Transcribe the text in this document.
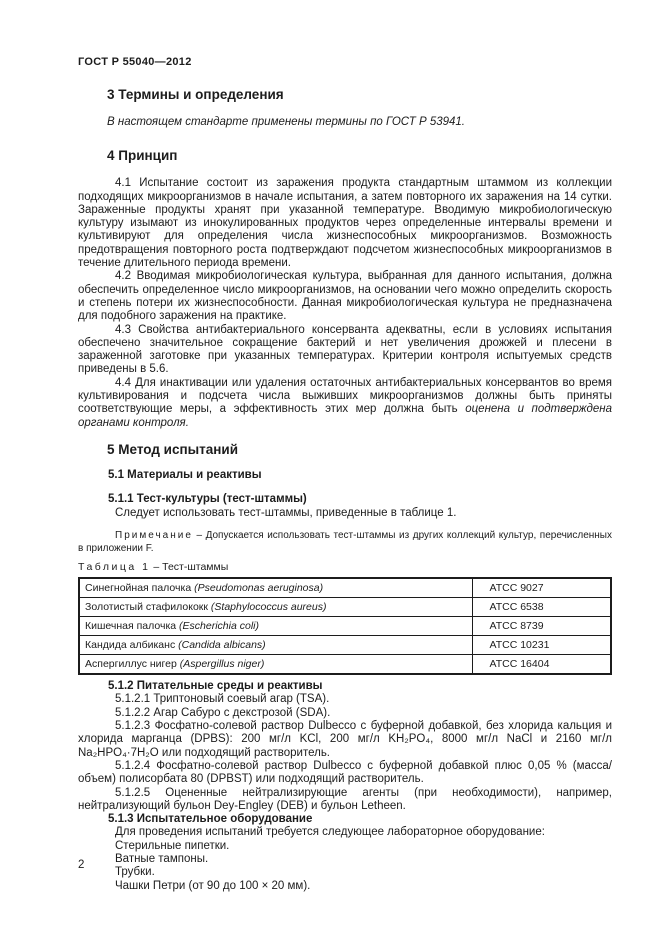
ГОСТ Р 55040—2012
3 Термины и определения

В настоящем стандарте применены термины по ГОСТ Р 53941.

4 Принцип

4.1 Испытание состоит из заражения продукта стандартным штаммом из коллекции подходящих микроорганизмов в начале испытания, а затем повторного их заражения на 14 сутки. Зараженные продукты хранят при указанной температуре. Вводимую микробиологическую культуру изымают из инокулированных продуктов через определенные интервалы времени и культивируют для определения числа жизнеспособных микроорганизмов. Возможность предотвращения повторного роста подтверждают подсчетом жизнеспособных микроорганизмов в течение длительного периода времени.

4.2 Вводимая микробиологическая культура, выбранная для данного испытания, должна обеспечить определенное число микроорганизмов, на основании чего можно определить скорость и степень потери их жизнеспособности. Данная микробиологическая культура не предназначена для подобного заражения на практике.

4.3 Свойства антибактериального консерванта адекватны, если в условиях испытания обеспечено значительное сокращение бактерий и нет увеличения дрожжей и плесени в зараженной заготовке при указанных температурах. Критерии контроля испытуемых средств приведены в 5.6.

4.4 Для инактивации или удаления остаточных антибактериальных консервантов во время культивирования и подсчета числа выживших микроорганизмов должны быть приняты соответствующие меры, а эффективность этих мер должна быть оценена и подтверждена органами контроля.

5 Метод испытаний

5.1 Материалы и реактивы

5.1.1 Тест-культуры (тест-штаммы)

Следует использовать тест-штаммы, приведенные в таблице 1.

Примечание – Допускается использовать тест-штаммы из других коллекций культур, перечисленных в приложении F.

Таблица 1 – Тест-штаммы

Синегнойная палочка (Pseudomonas aeruginosa)	ATCC 9027
Золотистый стафилококк (Staphylococcus aureus)	ATCC 6538
Кишечная палочка (Escherichia coli)	ATCC 8739
Кандида албиканс (Candida albicans)	ATCC 10231
Аспергиллус нигер (Aspergillus niger)	ATCC 16404

5.1.2 Питательные среды и реактивы

5.1.2.1 Триптоновый соевый агар (TSA).

5.1.2.2 Агар Сабуро с декстрозой (SDA).

5.1.2.3 Фосфатно-солевой раствор Dulbecco с буферной добавкой, без хлорида кальция и хлорида марганца (DPBS): 200 мг/л KCl, 200 мг/л KH₂PO₄, 8000 мг/л NaCl и 2160 мг/л Na₂HPO₄·7H₂O или подходящий растворитель.

5.1.2.4 Фосфатно-солевой раствор Dulbecco с буферной добавкой плюс 0,05 % (масса/объем) полисорбата 80 (DPBST) или подходящий растворитель.

5.1.2.5 Оцененные нейтрализирующие агенты (при необходимости), например, нейтрализующий бульон Dey-Engley (DEB) и бульон Letheen.

5.1.3 Испытательное оборудование

Для проведения испытаний требуется следующее лабораторное оборудование:

Стерильные пипетки.

Ватные тампоны.

Трубки.

Чашки Петри (от 90 до 100 × 20 мм).

2
